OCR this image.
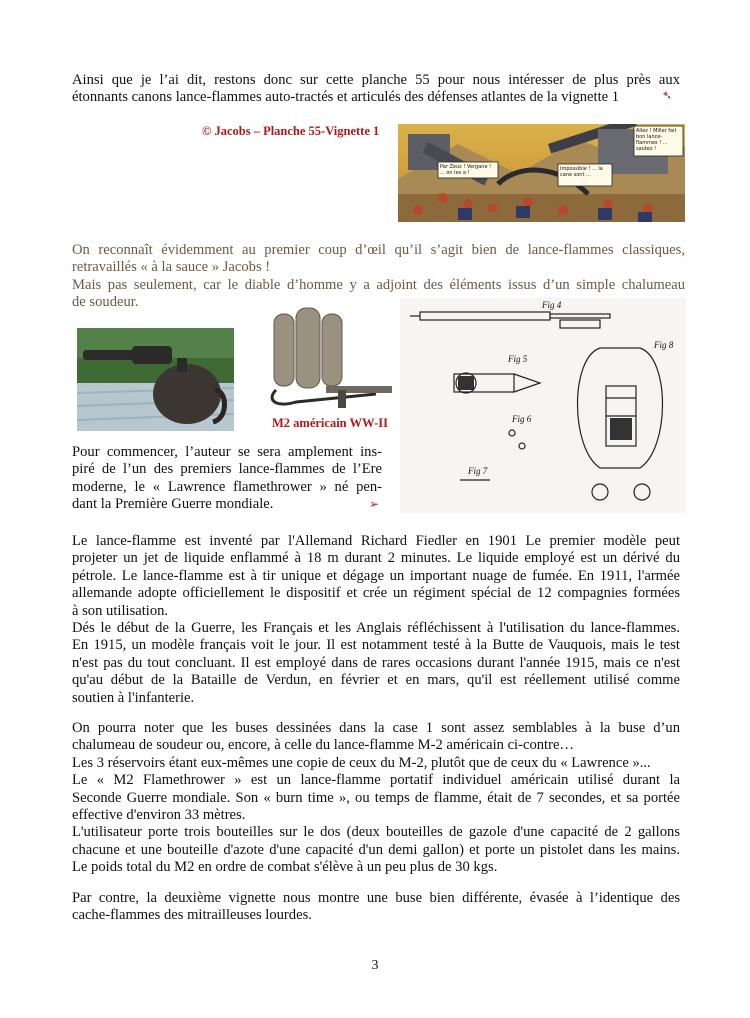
Ainsi que je l’ai dit, restons donc sur cette planche 55 pour nous intéresser de plus près aux
étonnants canons lance-flammes auto-tractés et articulés des défenses atlantes de la vignette 1	➴
© Jacobs – Planche 55-Vignette 1
Par Zeus ! Vergane ! ... on les a !
Impossible ! ... la cane sont ...
Allez ! Miller fait bon lance-flammes ! ... sautez !
On reconnaît évidemment au premier coup d’œil qu’il s’agit bien de lance-flammes classiques,
retravaillés « à la sauce » Jacobs !
Mais pas seulement, car le diable d’homme y a adjoint des éléments issus d’un simple chalumeau
de soudeur.
M2 américain WW-II
Fig 4
Fig 5
Fig 8
Fig 6
Fig 7
Pour commencer, l’auteur se sera amplement ins-
piré de l’un des premiers lance-flammes de l’Ere
moderne, le « Lawrence flamethrower » né pen-
dant la Première Guerre mondiale.	➢
Le lance-flamme est inventé par l'Allemand Richard Fiedler en 1901 Le premier modèle peut
projeter un jet de liquide enflammé à 18 m durant 2 minutes. Le liquide employé est un dérivé du
pétrole. Le lance-flamme est à tir unique et dégage un important nuage de fumée. En 1911, l'armée
allemande adopte officiellement le dispositif et crée un régiment spécial de 12 compagnies formées
à son utilisation.
Dés le début de la Guerre, les Français et les Anglais réfléchissent à l'utilisation du lance-flammes.
En 1915, un modèle français voit le jour. Il est notamment testé à la Butte de Vauquois, mais le test
n'est pas du tout concluant. Il est employé dans de rares occasions durant l'année 1915, mais ce n'est
qu'au début de la Bataille de Verdun, en février et en mars, qu'il est réellement utilisé comme
soutien à l'infanterie.
On pourra noter que les buses dessinées dans la case 1 sont assez semblables à la buse d’un
chalumeau de soudeur ou, encore, à celle du lance-flamme M-2 américain ci-contre…
Les 3 réservoirs étant eux-mêmes une copie de ceux du M-2, plutôt que de ceux du « Lawrence »...
Le « M2 Flamethrower » est un lance-flamme portatif individuel américain utilisé durant la
Seconde Guerre mondiale. Son « burn time », ou temps de flamme, était de 7 secondes, et sa portée
effective d'environ 33 mètres.
L'utilisateur porte trois bouteilles sur le dos (deux bouteilles de gazole d'une capacité de 2 gallons
chacune et une bouteille d'azote d'une capacité d'un demi gallon) et porte un pistolet dans les mains.
Le poids total du M2 en ordre de combat s'élève à un peu plus de 30 kgs.
Par contre, la deuxième vignette nous montre une buse bien différente, évasée à l’identique des
cache-flammes des mitrailleuses lourdes.
3
